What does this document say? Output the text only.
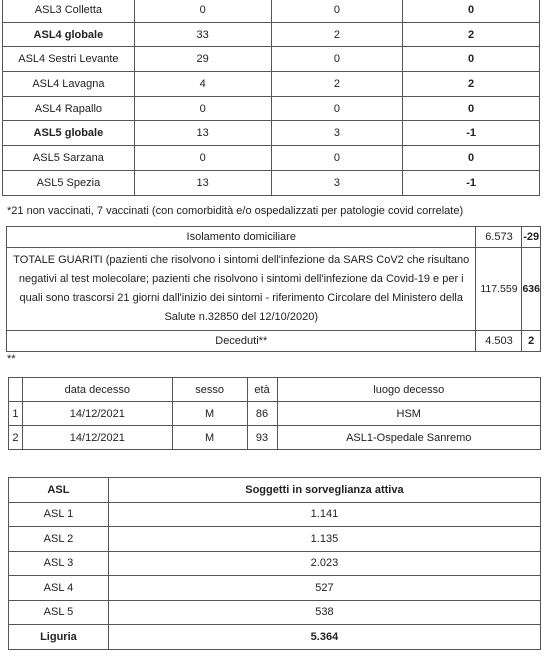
ASL3 Colletta	0	0	0
ASL4 globale	33	2	2
ASL4 Sestri Levante	29	0	0
ASL4 Lavagna	4	2	2
ASL4 Rapallo	0	0	0
ASL5 globale	13	3	-1
ASL5 Sarzana	0	0	0
ASL5 Spezia	13	3	-1
*21 non vaccinati, 7 vaccinati (con comorbidità e/o ospedalizzati per patologie covid correlate)
Isolamento domiciliare	6.573	-29
TOTALE GUARITI (pazienti che risolvono i sintomi dell'infezione da SARS CoV2 che risultano negativi al test molecolare; pazienti che risolvono i sintomi dell'infezione da Covid-19 e per i quali sono trascorsi 21 giorni dall'inizio dei sintomi - riferimento Circolare del Ministero della Salute n.32850 del 12/10/2020)	117.559	636
Deceduti**	4.503	2
**
	data decesso	sesso	età	luogo decesso
1	14/12/2021	M	86	HSM
2	14/12/2021	M	93	ASL1-Ospedale Sanremo
ASL	Soggetti in sorveglianza attiva
ASL 1	1.141
ASL 2	1.135
ASL 3	2.023
ASL 4	527
ASL 5	538
Liguria	5.364
